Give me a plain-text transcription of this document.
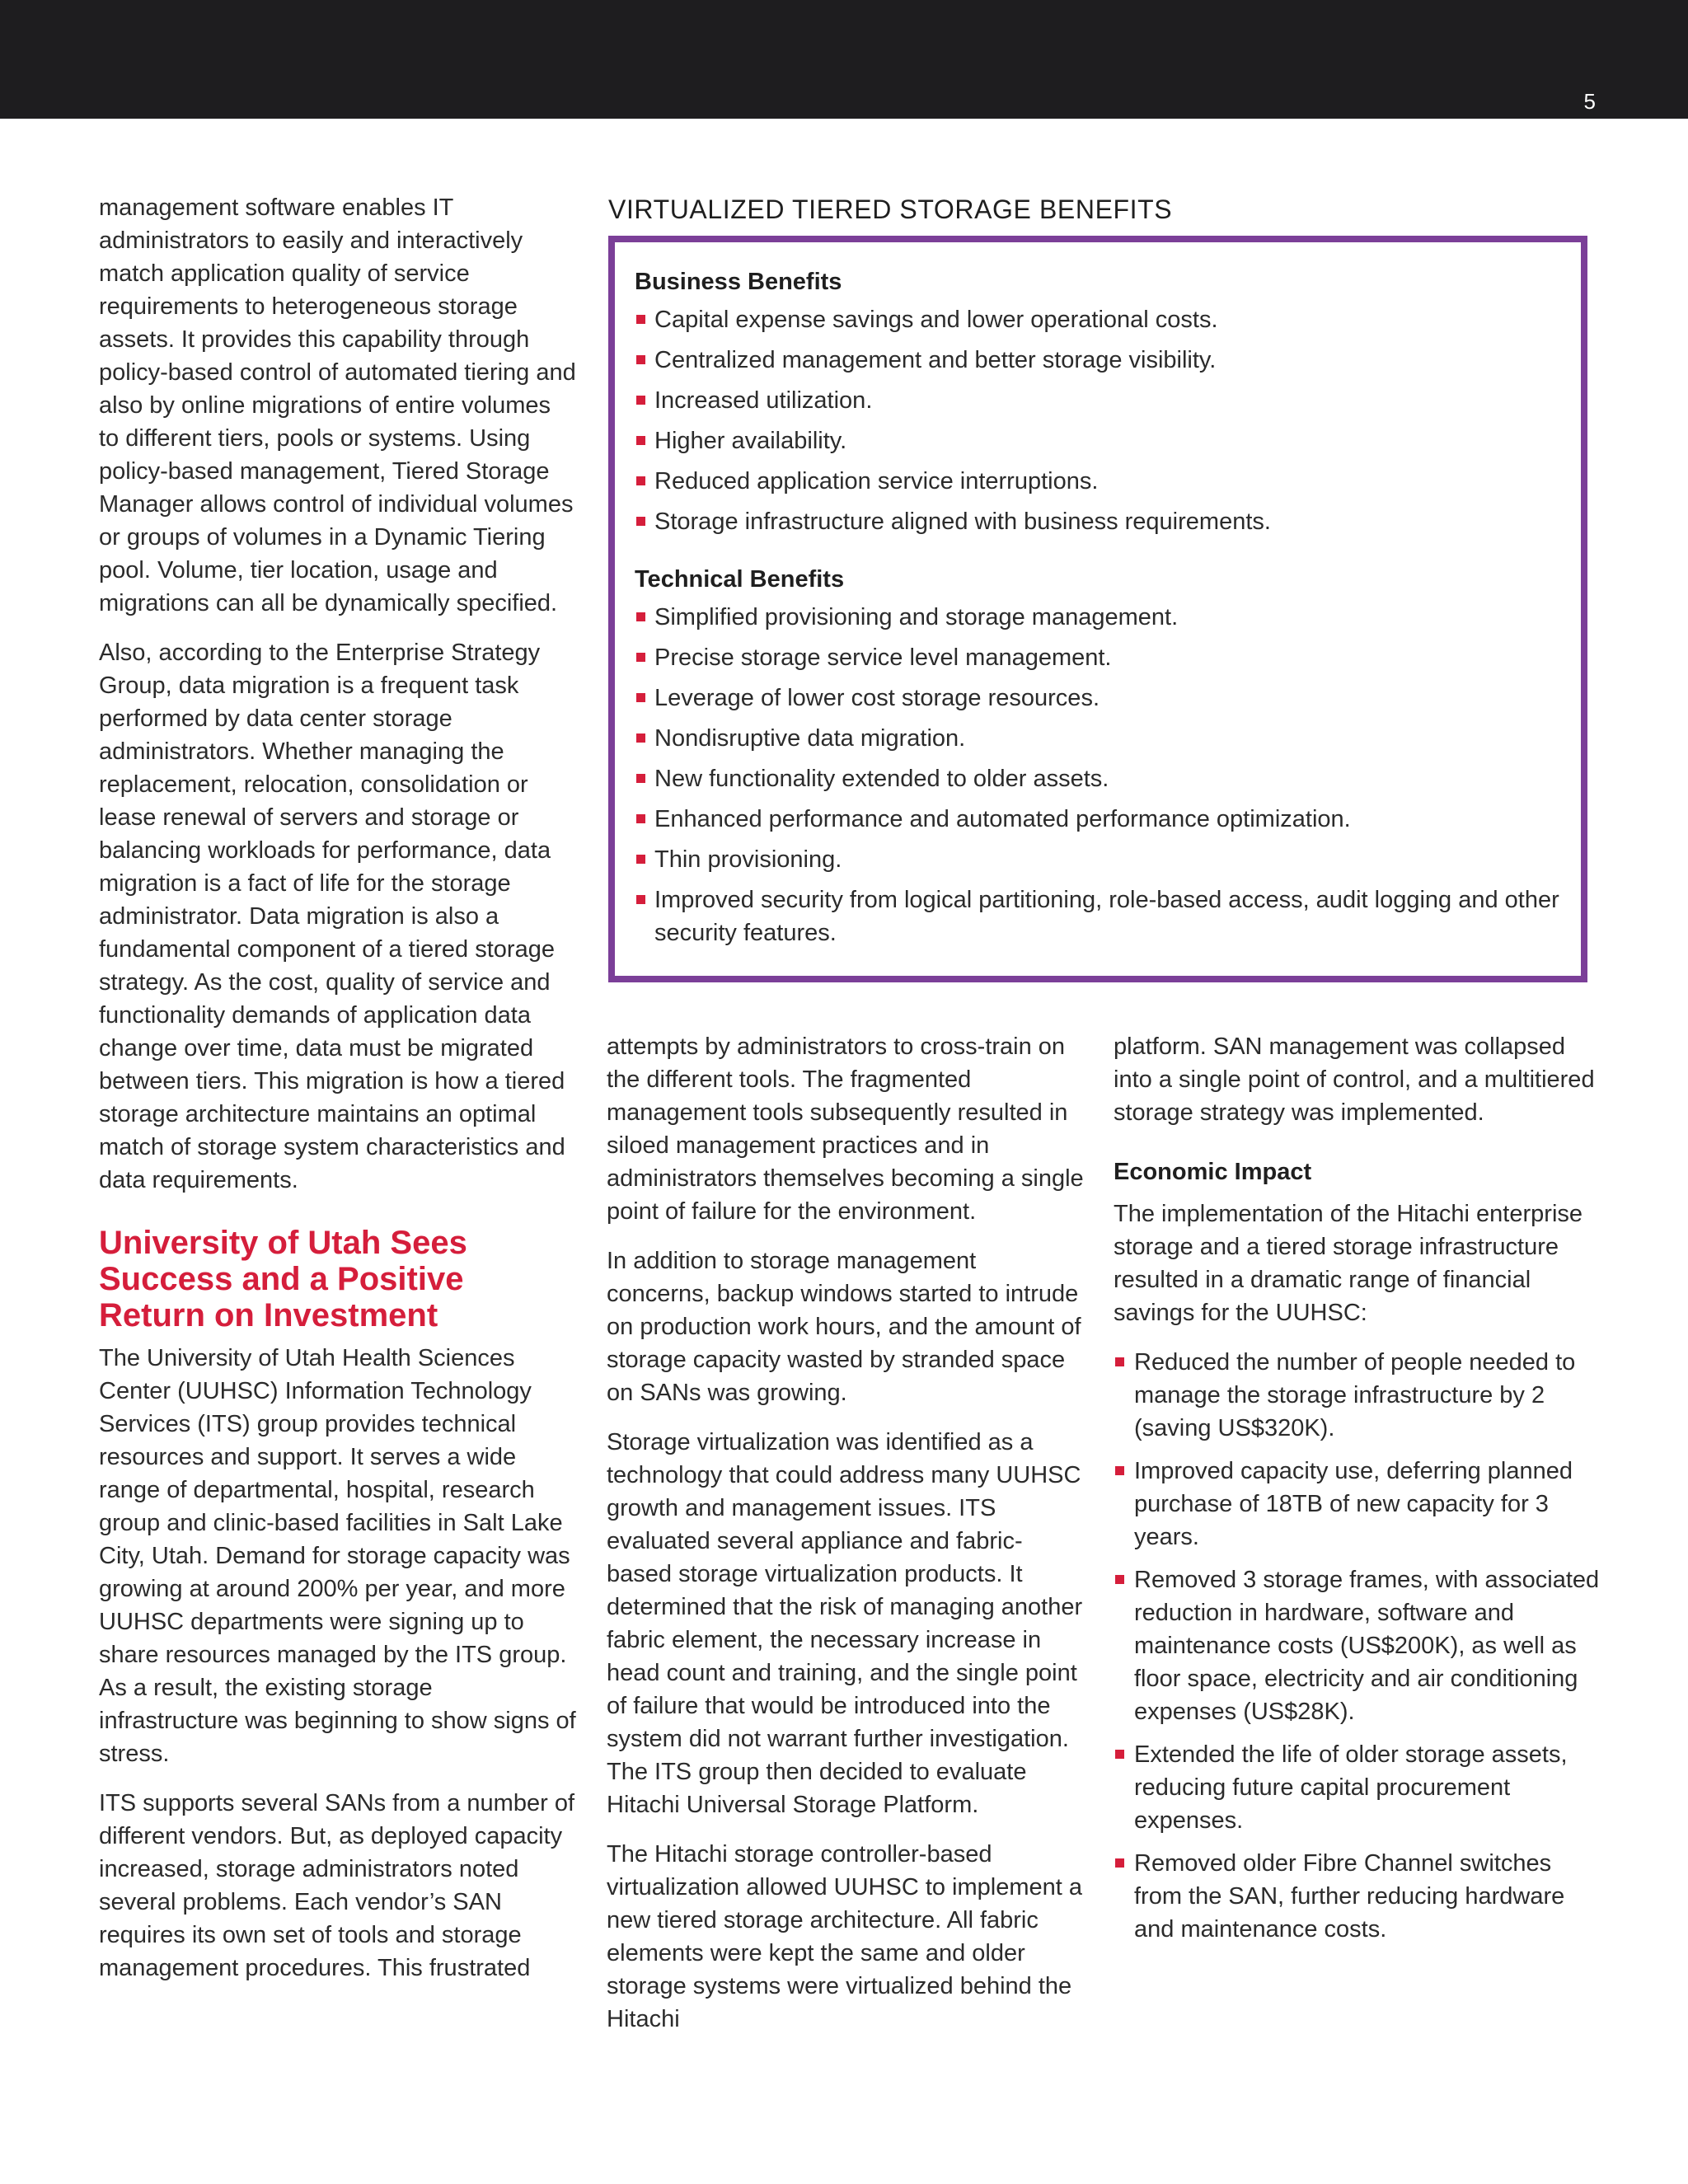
5

management software enables IT administrators to easily and interactively match application quality of service requirements to heterogeneous storage assets. It provides this capability through policy-based control of automated tiering and also by online migrations of entire volumes to different tiers, pools or systems. Using policy-based management, Tiered Storage Manager allows control of individual volumes or groups of volumes in a Dynamic Tiering pool. Volume, tier location, usage and migrations can all be dynamically specified.

Also, according to the Enterprise Strategy Group, data migration is a frequent task performed by data center storage administrators. Whether managing the replacement, relocation, consolidation or lease renewal of servers and storage or balancing workloads for performance, data migration is a fact of life for the storage administrator. Data migration is also a fundamental component of a tiered storage strategy. As the cost, quality of service and functionality demands of application data change over time, data must be migrated between tiers. This migration is how a tiered storage architecture maintains an optimal match of storage system characteristics and data requirements.

University of Utah Sees Success and a Positive Return on Investment

The University of Utah Health Sciences Center (UUHSC) Information Technology Services (ITS) group provides technical resources and support. It serves a wide range of departmental, hospital, research group and clinic-based facilities in Salt Lake City, Utah. Demand for storage capacity was growing at around 200% per year, and more UUHSC departments were signing up to share resources managed by the ITS group. As a result, the existing storage infrastructure was beginning to show signs of stress.

ITS supports several SANs from a number of different vendors. But, as deployed capacity increased, storage administrators noted several problems. Each vendor’s SAN requires its own set of tools and storage management procedures. This frustrated

VIRTUALIZED TIERED STORAGE BENEFITS
Business Benefits
Capital expense savings and lower operational costs.
Centralized management and better storage visibility.
Increased utilization.
Higher availability.
Reduced application service interruptions.
Storage infrastructure aligned with business requirements.
Technical Benefits
Simplified provisioning and storage management.
Precise storage service level management.
Leverage of lower cost storage resources.
Nondisruptive data migration.
New functionality extended to older assets.
Enhanced performance and automated performance optimization.
Thin provisioning.
Improved security from logical partitioning, role-based access, audit logging and other security features.

attempts by administrators to cross-train on the different tools. The fragmented management tools subsequently resulted in siloed management practices and in administrators themselves becoming a single point of failure for the environment.

In addition to storage management concerns, backup windows started to intrude on production work hours, and the amount of storage capacity wasted by stranded space on SANs was growing.

Storage virtualization was identified as a technology that could address many UUHSC growth and management issues. ITS evaluated several appliance and fabric-based storage virtualization products. It determined that the risk of managing another fabric element, the necessary increase in head count and training, and the single point of failure that would be introduced into the system did not warrant further investigation. The ITS group then decided to evaluate Hitachi Universal Storage Platform.

The Hitachi storage controller-based virtualization allowed UUHSC to implement a new tiered storage architecture. All fabric elements were kept the same and older storage systems were virtualized behind the Hitachi

platform. SAN management was collapsed into a single point of control, and a multitiered storage strategy was implemented.

Economic Impact

The implementation of the Hitachi enterprise storage and a tiered storage infrastructure resulted in a dramatic range of financial savings for the UUHSC:

Reduced the number of people needed to manage the storage infrastructure by 2 (saving US$320K).
Improved capacity use, deferring planned purchase of 18TB of new capacity for 3 years.
Removed 3 storage frames, with associated reduction in hardware, software and maintenance costs (US$200K), as well as floor space, electricity and air conditioning expenses (US$28K).
Extended the life of older storage assets, reducing future capital procurement expenses.
Removed older Fibre Channel switches from the SAN, further reducing hardware and maintenance costs.
